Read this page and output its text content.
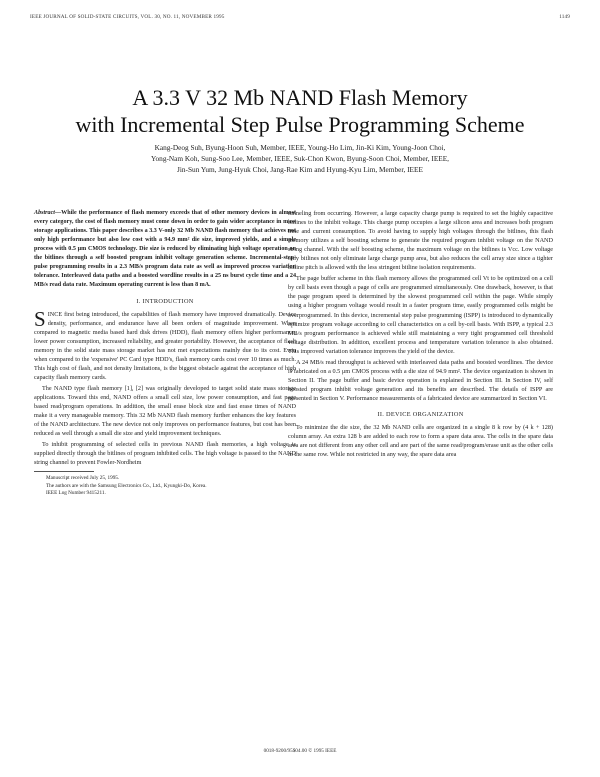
IEEE JOURNAL OF SOLID-STATE CIRCUITS, VOL. 30, NO. 11, NOVEMBER 1995	1149
A 3.3 V 32 Mb NAND Flash Memory
with Incremental Step Pulse Programming Scheme
Kang-Deog Suh, Byung-Hoon Suh, Member, IEEE, Young-Ho Lim, Jin-Ki Kim, Young-Joon Choi,
Yong-Nam Koh, Sung-Soo Lee, Member, IEEE, Suk-Chon Kwon, Byung-Soon Choi, Member, IEEE,
Jin-Sun Yum, Jung-Hyuk Choi, Jang-Rae Kim and Hyung-Kyu Lim, Member, IEEE
Abstract—While the performance of flash memory exceeds that of other memory devices in almost every category, the cost of flash memory must come down in order to gain wider acceptance in mass storage applications. This paper describes a 3.3 V-only 32 Mb NAND flash memory that achieves not only high performance but also low cost with a 94.9 mm² die size, improved yields, and a simple process with 0.5 μm CMOS technology. Die size is reduced by eliminating high voltage operation on the bitlines through a self boosted program inhibit voltage generation scheme. Incremental-step-pulse programming results in a 2.3 MB/s program data rate as well as improved process variation tolerance. Interleaved data paths and a boosted wordline results in a 25 ns burst cycle time and a 24 MB/s read data rate. Maximum operating current is less than 8 mA.
I. INTRODUCTION

SINCE first being introduced, the capabilities of flash memory have improved dramatically. Device density, performance, and endurance have all been orders of magnitude improvement. When compared to magnetic media based hard disk drives (HDD), flash memory offers higher performance, lower power consumption, increased reliability, and greater portability. However, the acceptance of flash memory in the solid state mass storage market has not met expectations mainly due to its cost. Even when compared to the 'expensive' PC Card type HDD's, flash memory cards cost over 10 times as much. This high cost of flash, and not density limitations, is the biggest obstacle against the acceptance of high capacity flash memory cards.

The NAND type flash memory [1], [2] was originally developed to target solid state mass storage applications. Toward this end, NAND offers a small cell size, low power consumption, and fast page based read/program operations. In addition, the small erase block size and fast erase times of NAND make it a very manageable memory. This 32 Mb NAND flash memory further enhances the key features of the NAND architecture. The new device not only improves on performance features, but cost has been reduced as well through a small die size and yield improvement techniques.

To inhibit programming of selected cells in previous NAND flash memories, a high voltage is supplied directly through the bitlines of program inhibited cells. The high voltage is passed to the NAND string channel to prevent Fowler-Nordheim

Manuscript received July 25, 1995.
The authors are with the Samsung Electronics Co., Ltd., Kyungki-Do, Korea.
IEEE Log Number 9415211.

tunneling from occurring. However, a large capacity charge pump is required to set the highly capacitive bitlines to the inhibit voltage. This charge pump occupies a large silicon area and increases both program time and current consumption. To avoid having to supply high voltages through the bitlines, this flash memory utilizes a self boosting scheme to generate the required program inhibit voltage on the NAND string channel. With the self boosting scheme, the maximum voltage on the bitlines is Vcc. Low voltage only bitlines not only eliminate large charge pump area, but also reduces the cell array size since a tighter bitline pitch is allowed with the less stringent bitline isolation requirements.

The page buffer scheme in this flash memory allows the programmed cell Vt to be optimized on a cell by cell basis even though a page of cells are programmed simultaneously. One drawback, however, is that the page program speed is determined by the slowest programmed cell within the page. While simply using a higher program voltage would result in a faster program time, easily programmed cells might be overprogrammed. In this device, incremental step pulse programming (ISPP) is introduced to dynamically optimize program voltage according to cell characteristics on a cell by-cell basis. With ISPP, a typical 2.3 MB/s program performance is achieved while still maintaining a very tight programmed cell threshold voltage distribution. In addition, excellent process and temperature variation tolerance is also obtained. This improved variation tolerance improves the yield of the device.

A 24 MB/s read throughput is achieved with interleaved data paths and boosted wordlines. The device is fabricated on a 0.5 μm CMOS process with a die size of 94.9 mm². The device organization is shown in Section II. The page buffer and basic device operation is explained in Section III. In Section IV, self boosted program inhibit voltage generation and its benefits are described. The details of ISPP are presented in Section V. Performance measurements of a fabricated device are summarized in Section VI.

II. DEVICE ORGANIZATION

To minimize the die size, the 32 Mb NAND cells are organized in a single 8 k row by (4 k + 128) column array. An extra 128 b are added to each row to form a spare data area. The cells in the spare data area are not different from any other cell and are part of the same read/program/erase unit as the other cells in the same row. While not restricted in any way, the spare data area

0018-9200/95$04.00 © 1995 IEEE
